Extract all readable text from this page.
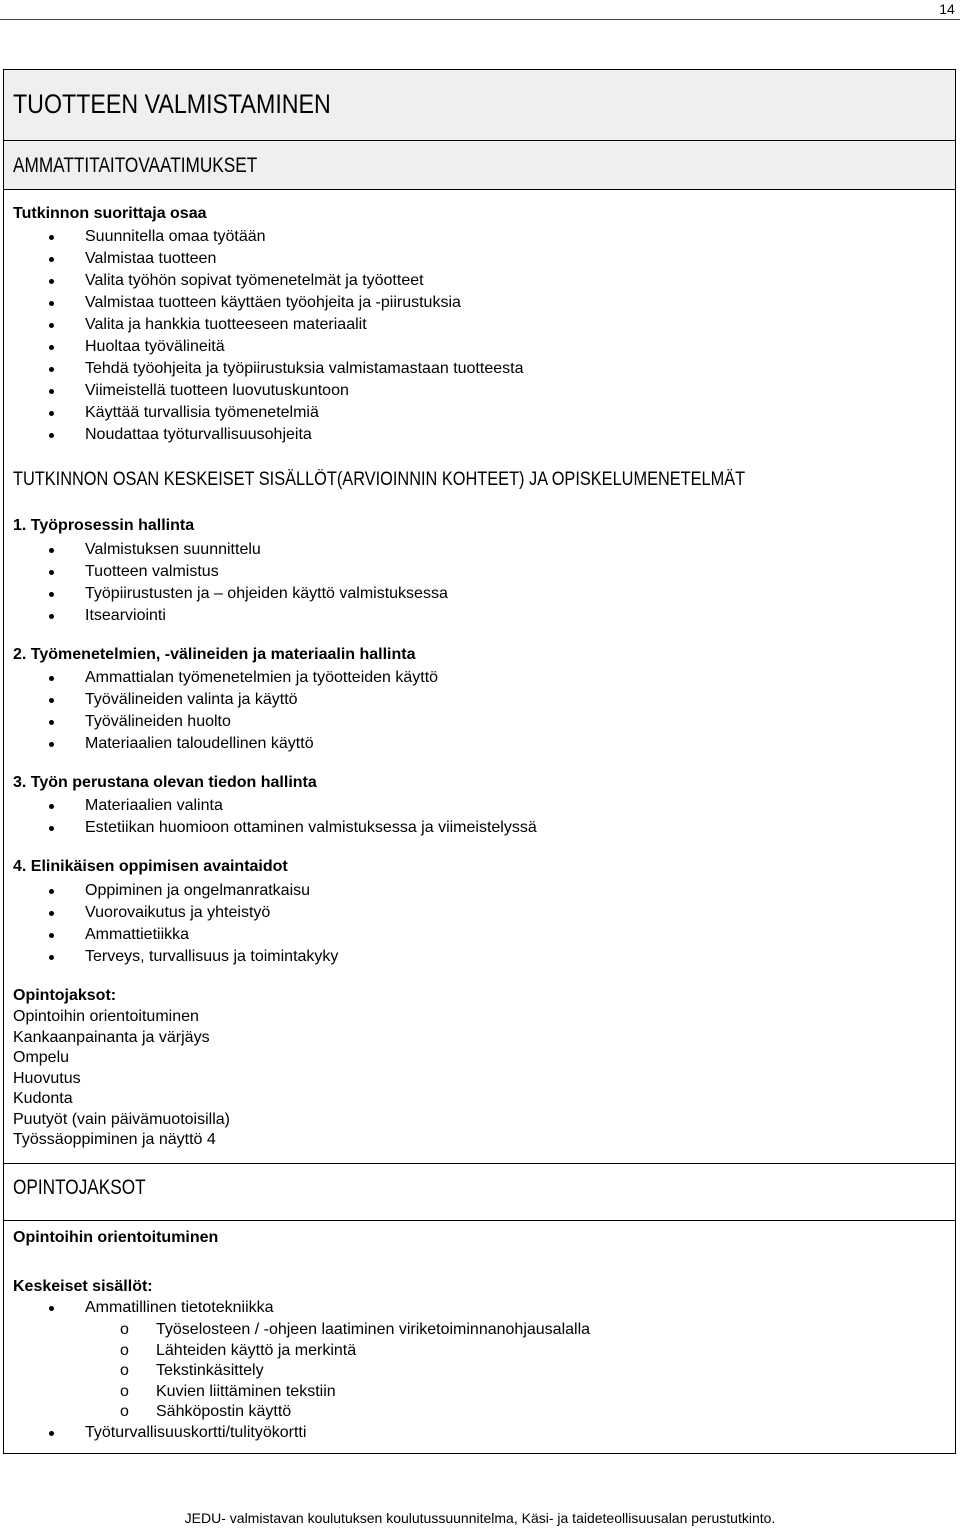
14
TUOTTEEN VALMISTAMINEN
AMMATTITAITOVAATIMUKSET
Tutkinnon suorittaja osaa
Suunnitella omaa työtään
Valmistaa tuotteen
Valita työhön sopivat työmenetelmät ja työotteet
Valmistaa tuotteen käyttäen työohjeita ja -piirustuksia
Valita ja hankkia tuotteeseen materiaalit
Huoltaa työvälineitä
Tehdä työohjeita ja työpiirustuksia valmistamastaan tuotteesta
Viimeistellä tuotteen luovutuskuntoon
Käyttää turvallisia työmenetelmiä
Noudattaa työturvallisuusohjeita
TUTKINNON OSAN KESKEISET SISÄLLÖT(ARVIOINNIN KOHTEET) JA OPISKELUMENETELMÄT
1. Työprosessin hallinta
Valmistuksen suunnittelu
Tuotteen valmistus
Työpiirustusten ja – ohjeiden käyttö valmistuksessa
Itsearviointi
2. Työmenetelmien, -välineiden ja materiaalin hallinta
Ammattialan työmenetelmien ja työotteiden käyttö
Työvälineiden valinta ja käyttö
Työvälineiden huolto
Materiaalien taloudellinen käyttö
3. Työn perustana olevan tiedon hallinta
Materiaalien valinta
Estetiikan huomioon ottaminen valmistuksessa ja viimeistelyssä
4. Elinikäisen oppimisen avaintaidot
Oppiminen ja ongelmanratkaisu
Vuorovaikutus ja yhteistyö
Ammattietiikka
Terveys, turvallisuus ja toimintakyky
Opintojaksot:
Opintoihin orientoituminen
Kankaanpainanta ja värjäys
Ompelu
Huovutus
Kudonta
Puutyöt (vain päivämuotoisilla)
Työssäoppiminen ja näyttö 4
OPINTOJAKSOT
Opintoihin orientoituminen
Keskeiset sisällöt:
Ammatillinen tietotekniikka
o Työselosteen / -ohjeen laatiminen viriketoiminnanohjausalalla
o Lähteiden käyttö ja merkintä
o Tekstinkäsittely
o Kuvien liittäminen tekstiin
o Sähköpostin käyttö
Työturvallisuuskortti/tulityökortti
JEDU- valmistavan koulutuksen koulutussuunnitelma, Käsi- ja taideteollisuusalan perustutkinto.
